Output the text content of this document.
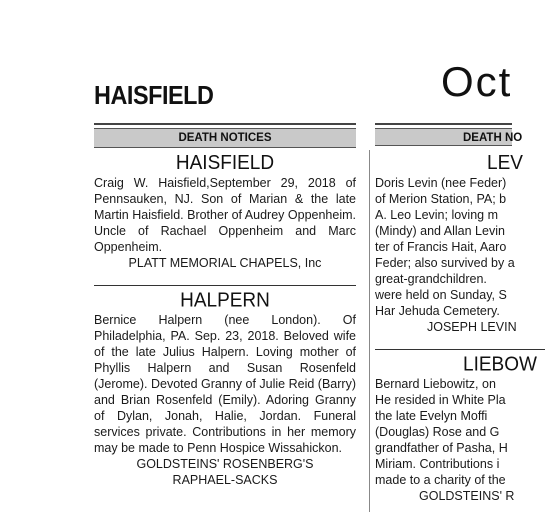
HAISFIELD	Oct
DEATH NOTICES	DEATH NO
HAISFIELD

Craig W. Haisfield,September 29, 2018 of Pennsauken, NJ. Son of Marian & the late Martin Haisfield. Brother of Audrey Oppenheim. Uncle of Rachael Oppenheim and Marc Oppenheim.

PLATT MEMORIAL CHAPELS, Inc

HALPERN

Bernice Halpern (nee London). Of Philadelphia, PA. Sep. 23, 2018. Beloved wife of the late Julius Halpern. Loving mother of Phyllis Halpern and Susan Rosenfeld (Jerome). Devoted Granny of Julie Reid (Barry) and Brian Rosenfeld (Emily). Adoring Granny of Dylan, Jonah, Halie, Jordan. Funeral services private. Contributions in her memory may be made to Penn Hospice Wissahickon.

GOLDSTEINS' ROSENBERG'S

RAPHAEL-SACKS

LEV

Doris Levin (nee Feder)

of Merion Station, PA; b

A. Leo Levin; loving m

(Mindy) and Allan Levin

ter of Francis Hait, Aaro

Feder; also survived by a

great-grandchildren.

were held on Sunday, S

Har Jehuda Cemetery.

JOSEPH LEVIN

LIEBOW

Bernard Liebowitz, on

He resided in White Pla

the late Evelyn Moffi

(Douglas) Rose and G

grandfather of Pasha, H

Miriam. Contributions i

made to a charity of the

GOLDSTEINS' R
